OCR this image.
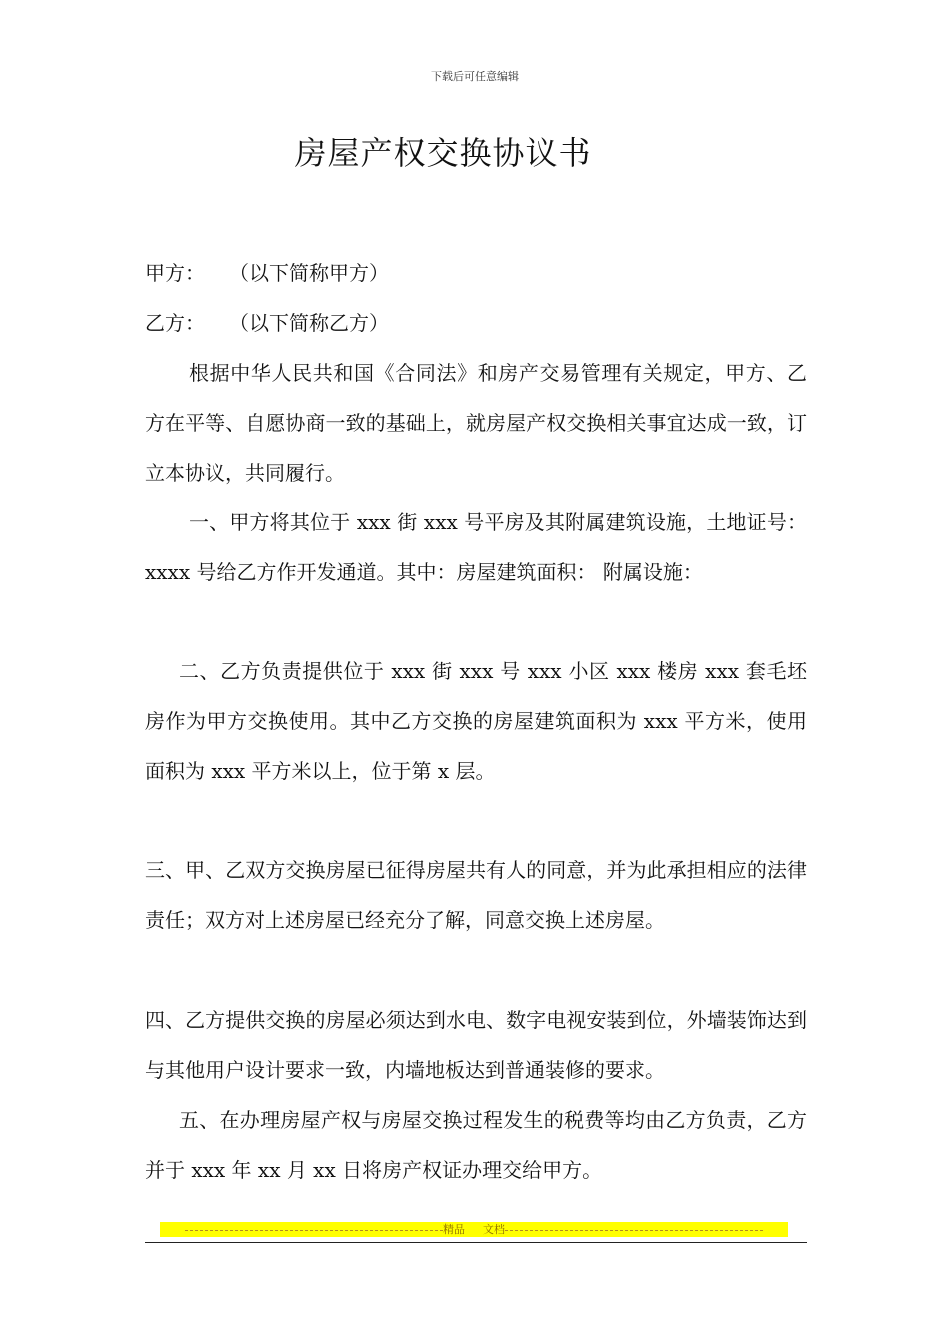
下载后可任意编辑
房屋产权交换协议书
甲方： （以下简称甲方）
乙方： （以下简称乙方）
根据中华人民共和国《合同法》和房产交易管理有关规定，甲方、乙方在平等、自愿协商一致的基础上，就房屋产权交换相关事宜达成一致，订立本协议，共同履行。
一、甲方将其位于 xxx 街 xxx 号平房及其附属建筑设施，土地证号：xxxx 号给乙方作开发通道。其中：房屋建筑面积： 附属设施：
二、乙方负责提供位于 xxx 街 xxx 号 xxx 小区 xxx 楼房 xxx 套毛坯房作为甲方交换使用。其中乙方交换的房屋建筑面积为 xxx 平方米，使用面积为 xxx 平方米以上，位于第 x 层。
三、甲、乙双方交换房屋已征得房屋共有人的同意，并为此承担相应的法律责任；双方对上述房屋已经充分了解，同意交换上述房屋。
四、乙方提供交换的房屋必须达到水电、数字电视安装到位，外墙装饰达到与其他用户设计要求一致，内墙地板达到普通装修的要求。
五、在办理房屋产权与房屋交换过程发生的税费等均由乙方负责，乙方并于 xxx 年 xx 月 xx 日将房产权证办理交给甲方。
精品 文档
